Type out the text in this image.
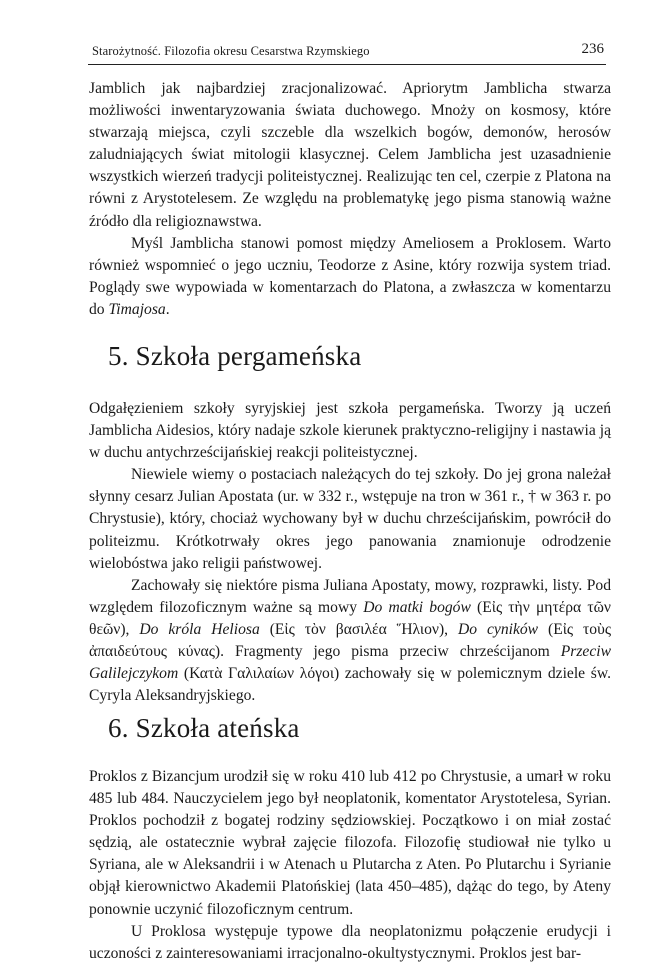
Starożytność. Filozofia okresu Cesarstwa Rzymskiego	236

Jamblich jak najbardziej zracjonalizować. Apriorytm Jamblicha stwarza możliwości inwentaryzowania świata duchowego. Mnoży on kosmosy, które stwarzają miejsca, czyli szczeble dla wszelkich bogów, demonów, herosów zaludniających świat mitologii klasycznej. Celem Jamblicha jest uzasadnienie wszystkich wierzeń tradycji politeistycznej. Realizując ten cel, czerpie z Platona na równi z Arystotelesem. Ze względu na problematykę jego pisma stanowią ważne źródło dla religioznawstwa.

Myśl Jamblicha stanowi pomost między Ameliosem a Proklosem. Warto również wspomnieć o jego uczniu, Teodorze z Asine, który rozwija system triad. Poglądy swe wypowiada w komentarzach do Platona, a zwłaszcza w komentarzu do Timajosa.

5. Szkoła pergameńska

Odgałęzieniem szkoły syryjskiej jest szkoła pergameńska. Tworzy ją uczeń Jamblicha Aidesios, który nadaje szkole kierunek praktyczno-religijny i nastawia ją w duchu antychrześcijańskiej reakcji politeistycznej.

Niewiele wiemy o postaciach należących do tej szkoły. Do jej grona należał słynny cesarz Julian Apostata (ur. w 332 r., wstępuje na tron w 361 r., † w 363 r. po Chrystusie), który, chociaż wychowany był w duchu chrześcijańskim, powrócił do politeizmu. Krótkotrwały okres jego panowania znamionuje odrodzenie wielobóstwa jako religii państwowej.

Zachowały się niektóre pisma Juliana Apostaty, mowy, rozprawki, listy. Pod względem filozoficznym ważne są mowy Do matki bogów (Εἰς τὴν μητέρα τῶν θεῶν), Do króla Heliosa (Εἰς τὸν βασιλέα Ἥλιον), Do cyników (Εἰς τοὺς ἀπαιδεύτους κύνας). Fragmenty jego pisma przeciw chrześcijanom Przeciw Galilejczykom (Κατὰ Γαλιλαίων λόγοι) zachowały się w polemicznym dziele św. Cyryla Aleksandryjskiego.

6. Szkoła ateńska

Proklos z Bizancjum urodził się w roku 410 lub 412 po Chrystusie, a umarł w roku 485 lub 484. Nauczycielem jego był neoplatonik, komentator Arystotelesa, Syrian. Proklos pochodził z bogatej rodziny sędziowskiej. Początkowo i on miał zostać sędzią, ale ostatecznie wybrał zajęcie filozofa. Filozofię studiował nie tylko u Syriana, ale w Aleksandrii i w Atenach u Plutarcha z Aten. Po Plutarchu i Syrianie objął kierownictwo Akademii Platońskiej (lata 450–485), dążąc do tego, by Ateny ponownie uczynić filozoficznym centrum.

U Proklosa występuje typowe dla neoplatonizmu połączenie erudycji i uczoności z zainteresowaniami irracjonalno-okultystycznymi. Proklos jest bar-
